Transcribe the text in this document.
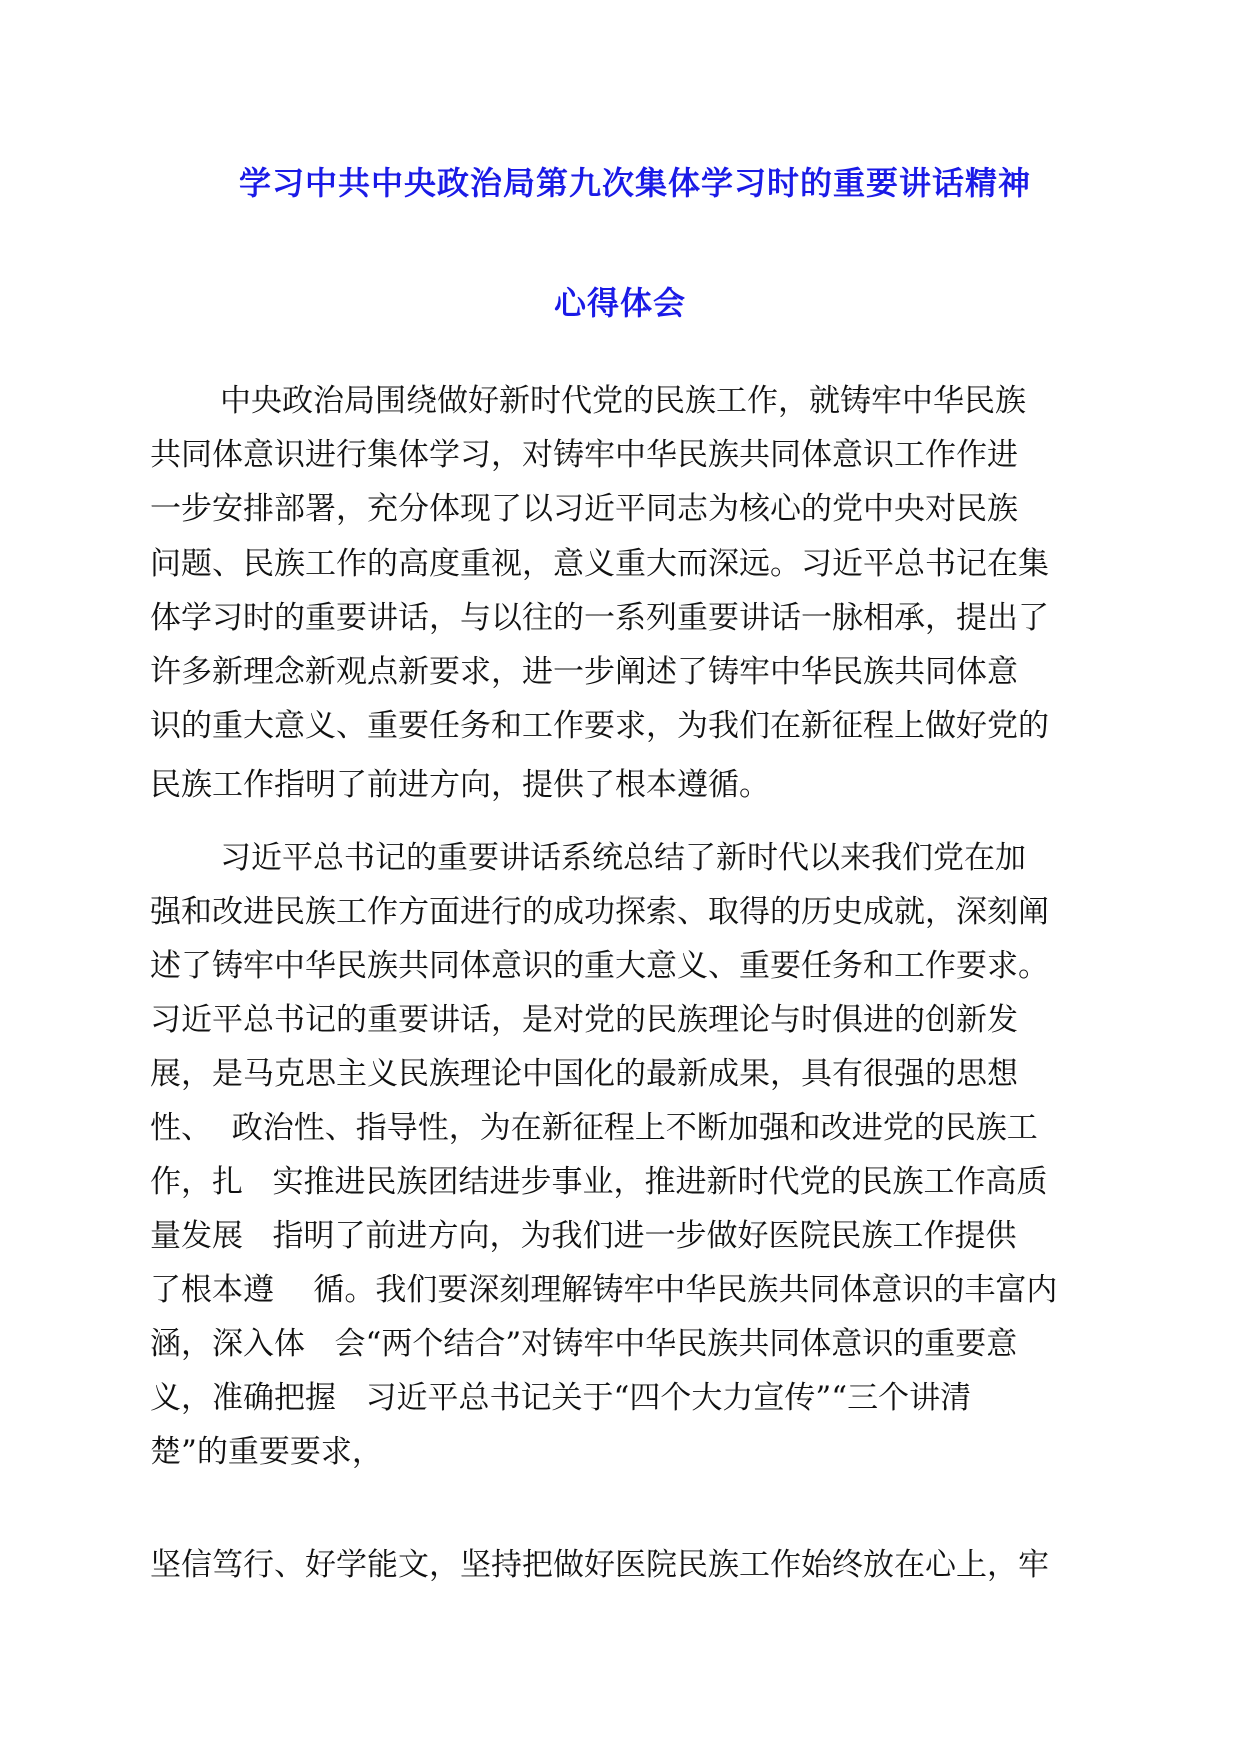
学习中共中央政治局第九次集体学习时的重要讲话精神
心得体会
中央政治局围绕做好新时代党的民族工作，就铸牢中华民族
共同体意识进行集体学习，对铸牢中华民族共同体意识工作作进
一步安排部署，充分体现了以习近平同志为核心的党中央对民族
问题、民族工作的高度重视，意义重大而深远。习近平总书记在集
体学习时的重要讲话，与以往的一系列重要讲话一脉相承，提出了
许多新理念新观点新要求，进一步阐述了铸牢中华民族共同体意
识的重大意义、重要任务和工作要求，为我们在新征程上做好党的
民族工作指明了前进方向，提供了根本遵循。
习近平总书记的重要讲话系统总结了新时代以来我们党在加
强和改进民族工作方面进行的成功探索、取得的历史成就，深刻阐
述了铸牢中华民族共同体意识的重大意义、重要任务和工作要求。
习近平总书记的重要讲话，是对党的民族理论与时俱进的创新发
展，是马克思主义民族理论中国化的最新成果，具有很强的思想
性、  政治性、指导性，为在新征程上不断加强和改进党的民族工
作，扎   实推进民族团结进步事业，推进新时代党的民族工作高质
量发展   指明了前进方向，为我们进一步做好医院民族工作提供
了根本遵    循。我们要深刻理解铸牢中华民族共同体意识的丰富内
涵，深入体   会“两个结合”对铸牢中华民族共同体意识的重要意
义，准确把握   习近平总书记关于“四个大力宣传”“三个讲清
楚”的重要要求，
坚信笃行、好学能文，坚持把做好医院民族工作始终放在心上，牢
